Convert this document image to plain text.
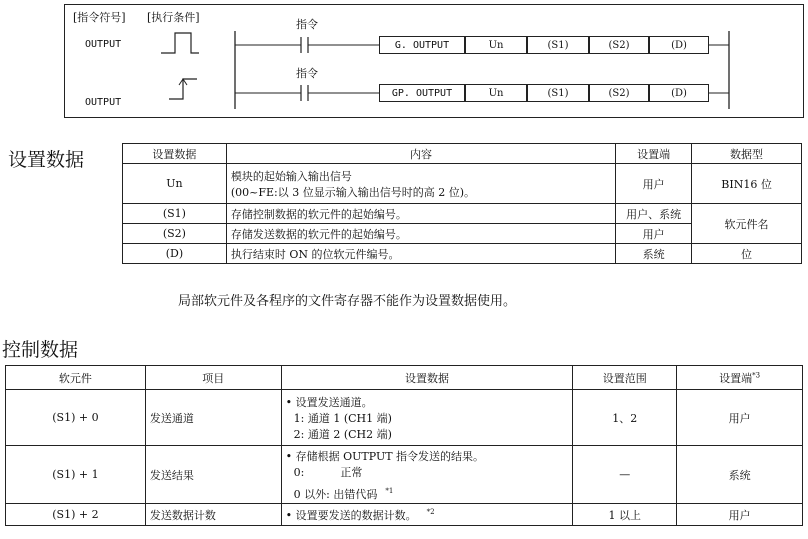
[指令符号] [执行条件]
OUTPUT
指令
G. OUTPUT	Un	(S1)	(S2)	(D)
OUTPUT
指令
GP. OUTPUT	Un	(S1)	(S2)	(D)
设置数据	设置数据	内容	设置端	数据型
Un	模块的起始输入输出信号
(00~FE:以 3 位显示输入输出信号时的高 2 位)。	用户	BIN16 位
(S1)	存储控制数据的软元件的起始编号。	用户、系统	软元件名
(S2)	存储发送数据的软元件的起始编号。	用户	
(D)	执行结束时 ON 的位软元件编号。	系统	位
局部软元件及各程序的文件寄存器不能作为设置数据使用。
控制数据
软元件	项目	设置数据	设置范围	设置端$^{*3}$
(S1) + 0	发送通道	• 设置发送通道。
1: 通道 1 (CH1 端)
2: 通道 2 (CH2 端)	1、2	用户
(S1) + 1	发送结果	• 存储根据 OUTPUT 指令发送的结果。
0: 正常
0 以外: 出错代码 $^{*1}$	—	系统
(S1) + 2	发送数据计数	• 设置要发送的数据计数。 $^{*2}$	1 以上	用户
